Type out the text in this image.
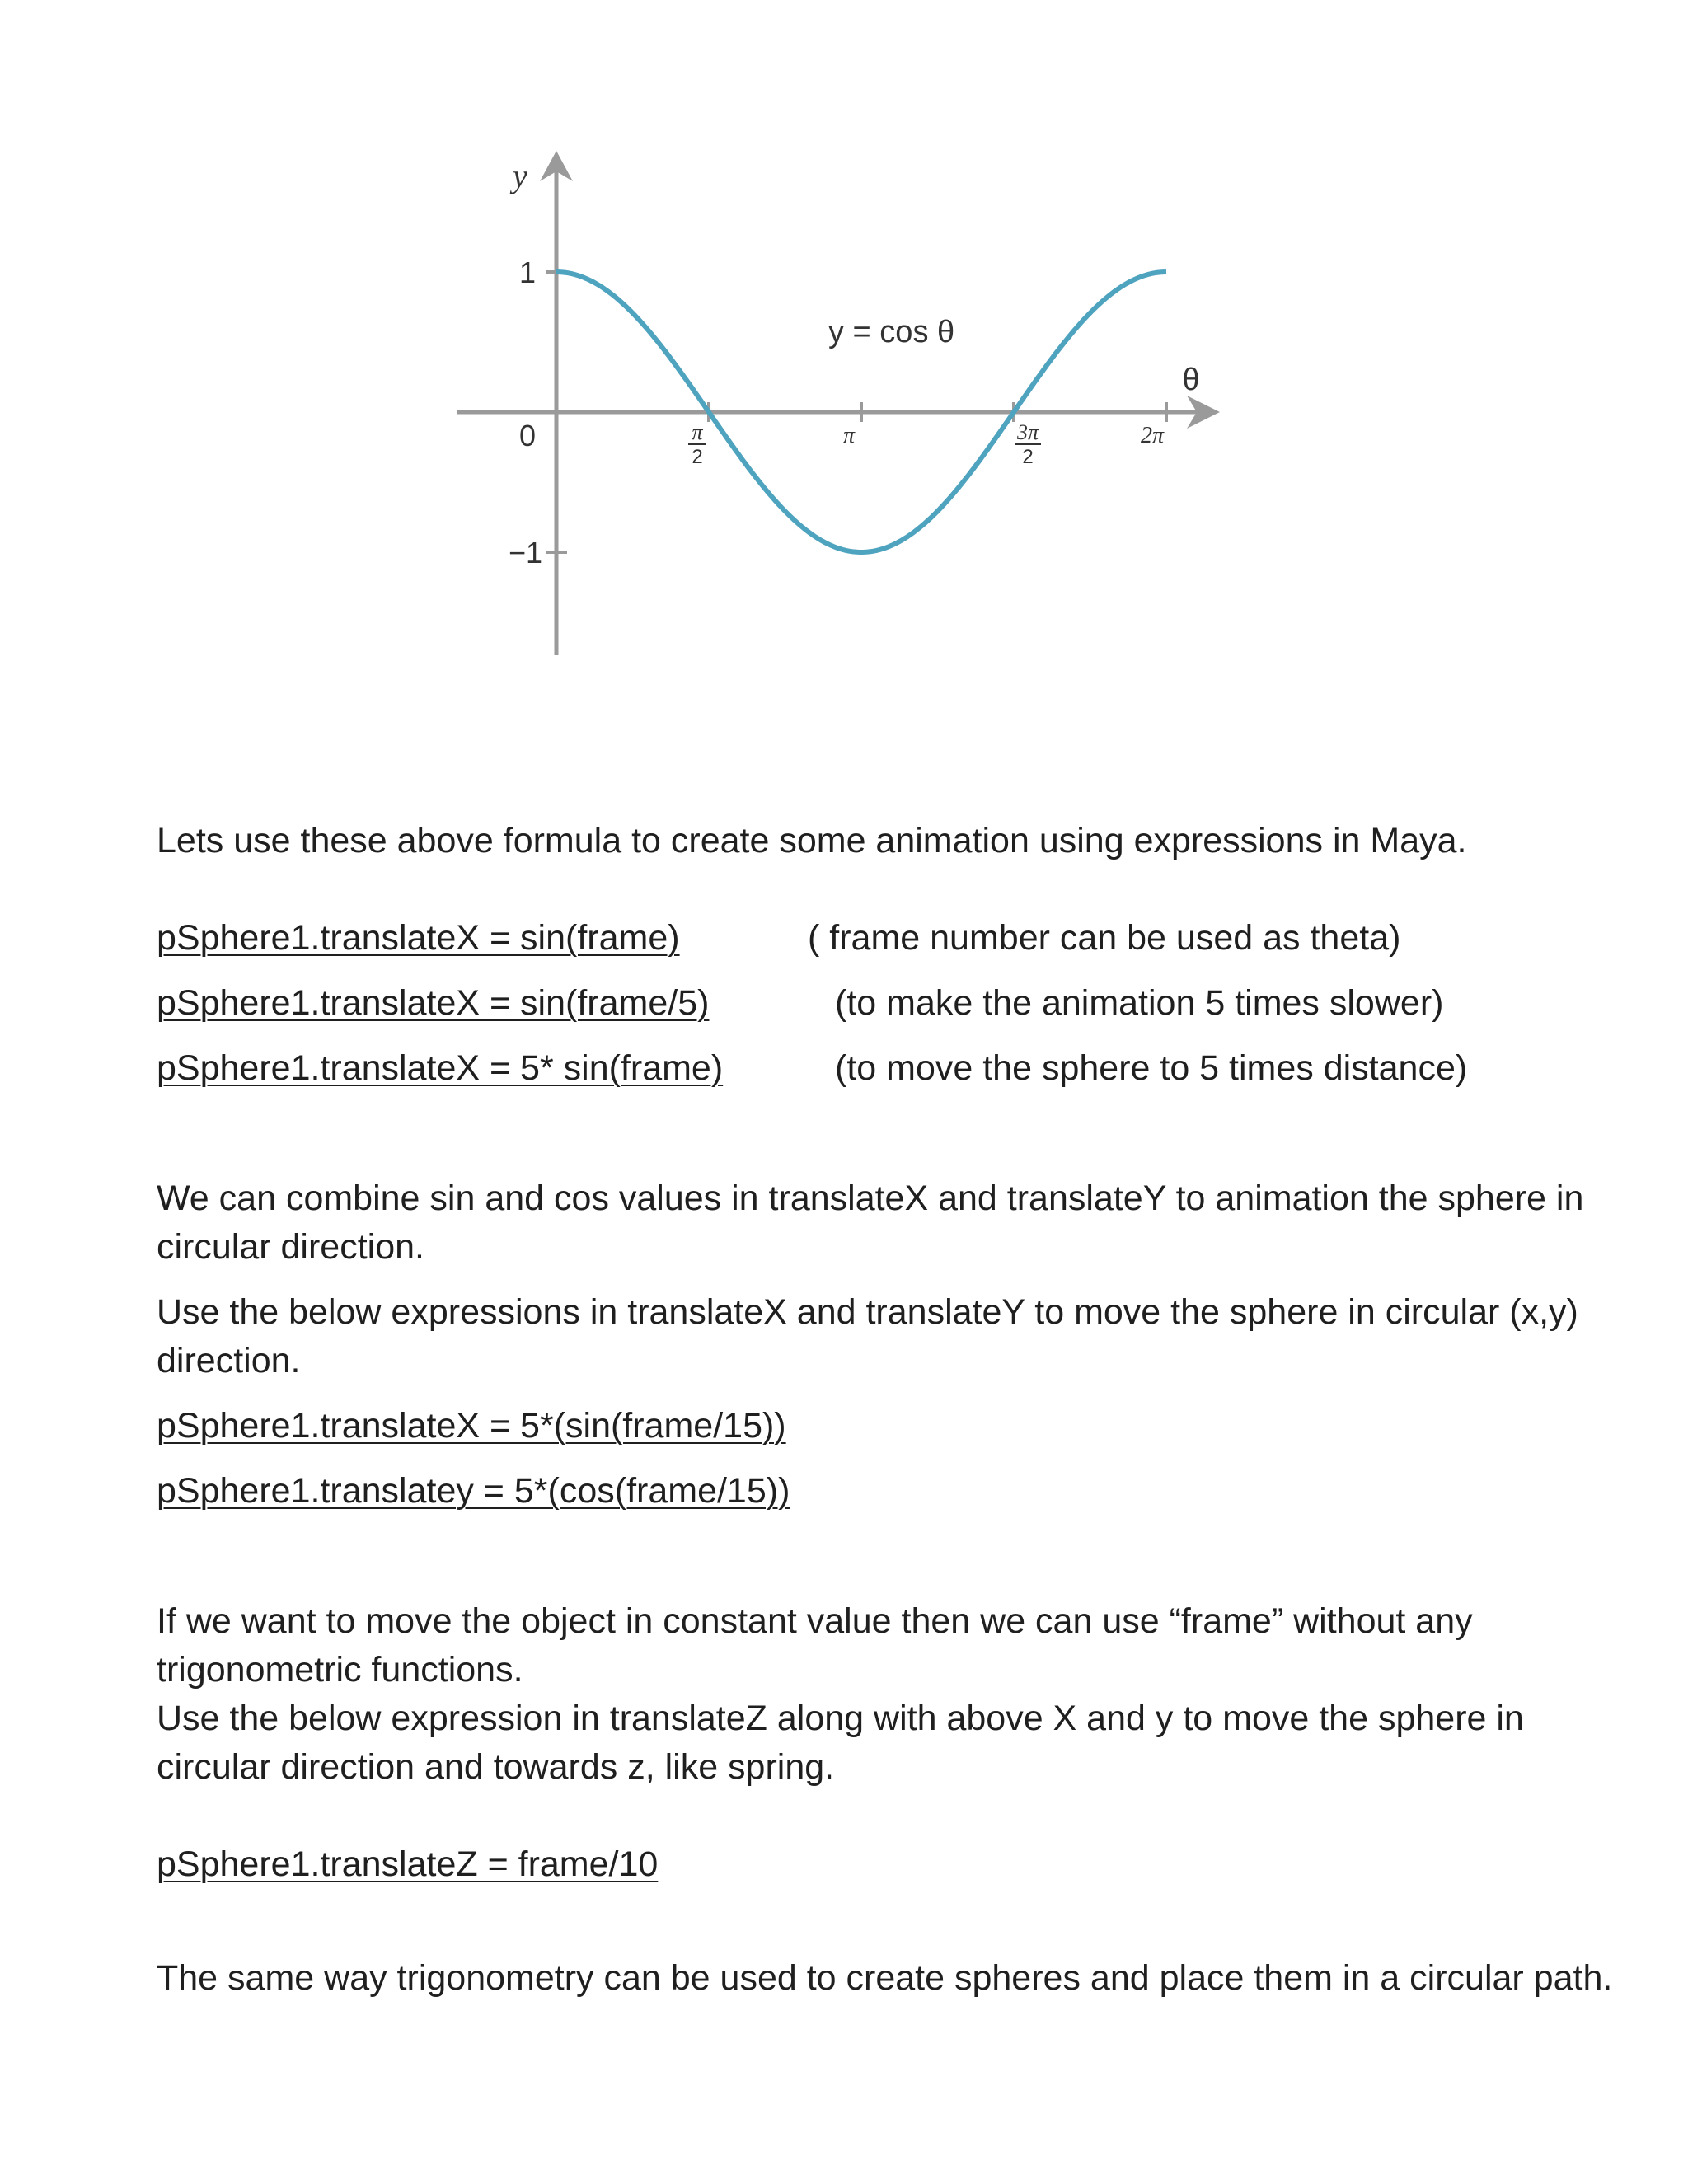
y
θ
1
0
−1
π
2
π	3π
2
2π
y = cos θ
Lets use these above formula to create some animation using expressions in Maya.
pSphere1.translateX = sin(frame)	( frame number can be used as theta)
pSphere1.translateX = sin(frame/5)	(to make the animation 5 times slower)
pSphere1.translateX = 5* sin(frame)	(to move the sphere to 5 times distance)
We can combine sin and cos values in translateX and translateY to animation the sphere in
circular direction.
Use the below expressions in translateX and translateY to move the sphere in circular (x,y)
direction.
pSphere1.translateX = 5*(sin(frame/15))
pSphere1.translatey = 5*(cos(frame/15))
If we want to move the object in constant value then we can use “frame” without any
trigonometric functions.
Use the below expression in translateZ along with above X and y to move the sphere in
circular direction and towards z, like spring.
pSphere1.translateZ = frame/10
The same way trigonometry can be used to create spheres and place them in a circular path.
